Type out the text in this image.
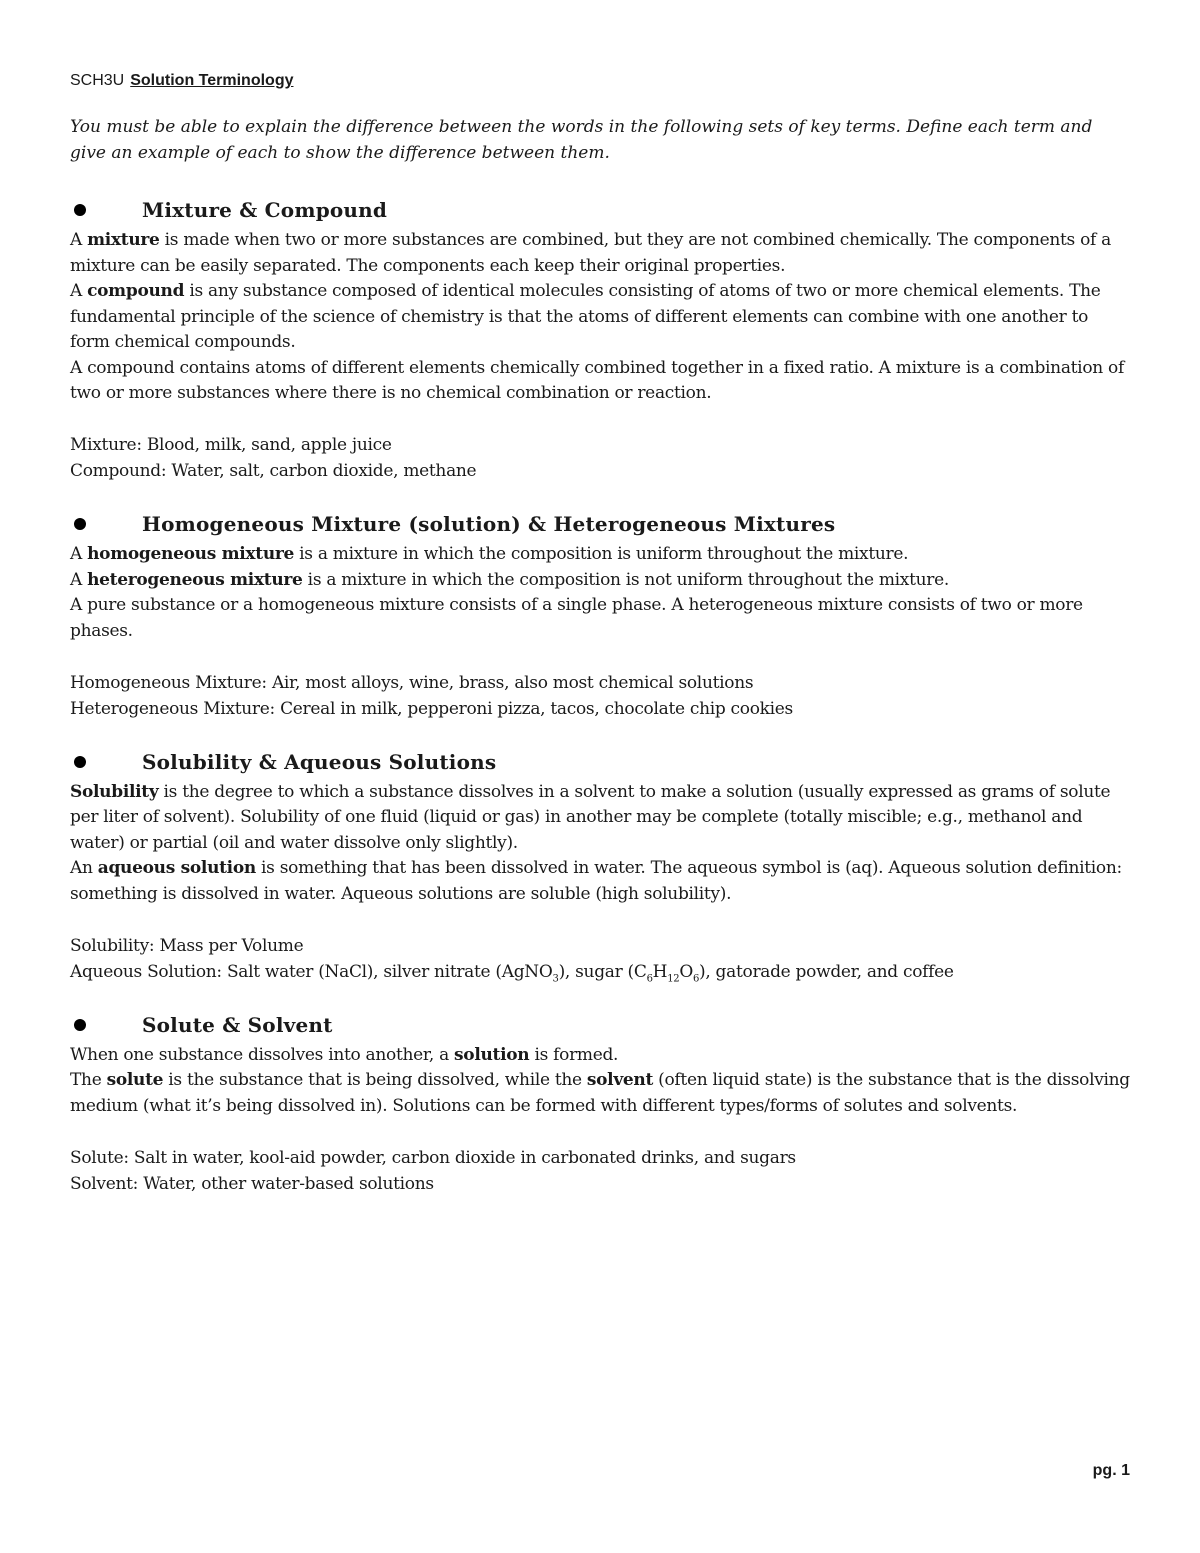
SCH3U Solution Terminology

You must be able to explain the difference between the words in the following sets of key terms. Define each term and give an example of each to show the difference between them.

Mixture & Compound

A mixture is made when two or more substances are combined, but they are not combined chemically. The components of a mixture can be easily separated. The components each keep their original properties.

A compound is any substance composed of identical molecules consisting of atoms of two or more chemical elements. The fundamental principle of the science of chemistry is that the atoms of different elements can combine with one another to form chemical compounds.

A compound contains atoms of different elements chemically combined together in a fixed ratio. A mixture is a combination of two or more substances where there is no chemical combination or reaction.

Mixture : Blood, milk, sand, apple juice

Compound : Water, salt, carbon dioxide, methane

Homogeneous Mixture (solution) & Heterogeneous Mixtures

A homogeneous mixture is a mixture in which the composition is uniform throughout the mixture.

A heterogeneous mixture is a mixture in which the composition is not uniform throughout the mixture.

A pure substance or a homogeneous mixture consists of a single phase. A heterogeneous mixture consists of two or more phases.

Homogeneous Mixture : Air, most alloys, wine, brass, also most chemical solutions

Heterogeneous Mixture : Cereal in milk, pepperoni pizza, tacos, chocolate chip cookies

Solubility & Aqueous Solutions

Solubility is the degree to which a substance dissolves in a solvent to make a solution (usually expressed as grams of solute per liter of solvent). Solubility of one fluid (liquid or gas) in another may be complete (totally miscible; e.g., methanol and water) or partial (oil and water dissolve only slightly).

An aqueous solution is something that has been dissolved in water. The aqueous symbol is (aq). Aqueous solution definition: something is dissolved in water. Aqueous solutions are soluble (high solubility).

Solubility : Mass per Volume

Aqueous Solution : Salt water (NaCl), silver nitrate (AgNO$_3$), sugar $(C_6H_{12}O_6)$, gatorade powder, and coffee

Solute & Solvent

When one substance dissolves into another, a solution is formed.

The solute is the substance that is being dissolved, while the solvent (often liquid state) is the substance that is the dissolving medium (what it’s being dissolved in). Solutions can be formed with different types/forms of solutes and solvents.

Solute : Salt in water, kool-aid powder, carbon dioxide in carbonated drinks, and sugars

Solvent : Water, other water-based solutions

pg. 1
